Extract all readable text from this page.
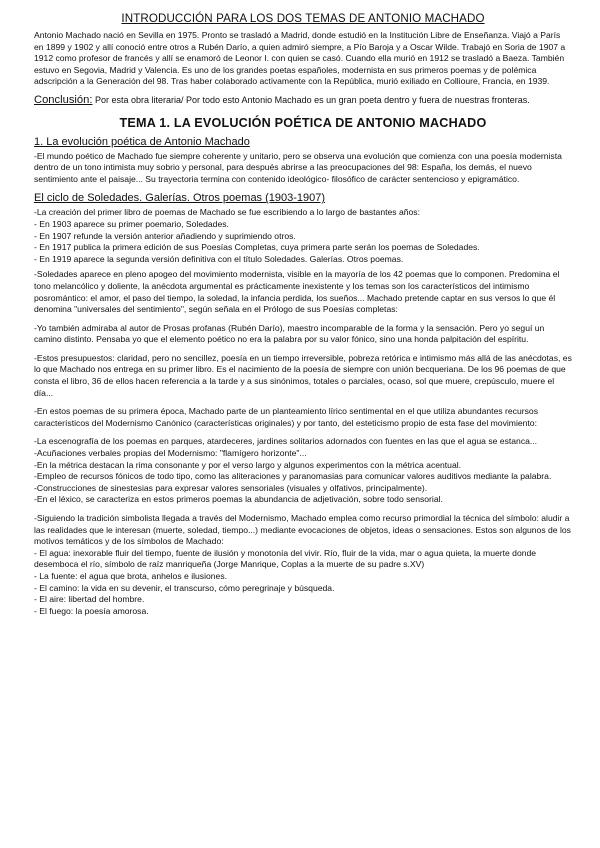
INTRODUCCIÓN PARA LOS DOS TEMAS DE ANTONIO MACHADO

Antonio Machado nació en Sevilla en 1975. Pronto se trasladó a Madrid, donde estudió en la Institución Libre de Enseñanza. Viajó a París en 1899 y 1902 y allí conoció entre otros a Rubén Darío, a quien admiró siempre, a Pío Baroja y a Oscar Wilde. Trabajó en Soria de 1907 a 1912 como profesor de francés y allí se enamoró de Leonor I. con quien se casó. Cuando ella murió en 1912 se trasladó a Baeza. También estuvo en Segovia, Madrid y Valencia. Es uno de los grandes poetas españoles, modernista en sus primeros poemas y de polémica adscripción a la Generación del 98. Tras haber colaborado activamente con la República, murió exiliado en Collioure, Francia, en 1939.

Conclusión: Por esta obra literaria/ Por todo esto Antonio Machado es un gran poeta dentro y fuera de nuestras fronteras.

TEMA 1. LA EVOLUCIÓN POÉTICA DE ANTONIO MACHADO
1. La evolución poética de Antonio Machado

-El mundo poético de Machado fue siempre coherente y unitario, pero se observa una evolución que comienza con una poesía modernista dentro de un tono intimista muy sobrio y personal, para después abrirse a las preocupaciones del 98: España, los demás, el nuevo sentimiento ante el paisaje... Su trayectoria termina con contenido ideológico- filosófico de carácter sentencioso y epigramático.

El ciclo de Soledades. Galerías. Otros poemas (1903-1907)

-La creación del primer libro de poemas de Machado se fue escribiendo a lo largo de bastantes años:

- En 1903 aparece su primer poemario, Soledades.

- En 1907 refunde la versión anterior añadiendo y suprimiendo otros.

- En 1917 publica la primera edición de sus Poesías Completas, cuya primera parte serán los poemas de Soledades.

- En 1919 aparece la segunda versión definitiva con el título Soledades. Galerías. Otros poemas.

-Soledades aparece en pleno apogeo del movimiento modernista, visible en la mayoría de los 42 poemas que lo componen. Predomina el tono melancólico y doliente, la anécdota argumental es prácticamente inexistente y los temas son los característicos del intimismo posromántico: el amor, el paso del tiempo, la soledad, la infancia perdida, los sueños... Machado pretende captar en sus versos lo que él denomina "universales del sentimiento", según señala en el Prólogo de sus Poesías completas:

-Yo también admiraba al autor de Prosas profanas (Rubén Darío), maestro incomparable de la forma y la sensación. Pero yo seguí un camino distinto. Pensaba yo que el elemento poético no era la palabra por su valor fónico, sino una honda palpitación del espíritu.

-Estos presupuestos: claridad, pero no sencillez, poesía en un tiempo irreversible, pobreza retórica e intimismo más allá de las anécdotas, es lo que Machado nos entrega en su primer libro. Es el nacimiento de la poesía de siempre con unión becqueriana. De los 96 poemas de que consta el libro, 36 de ellos hacen referencia a la tarde y a sus sinónimos, totales o parciales, ocaso, sol que muere, crepúsculo, muere el día...

-En estos poemas de su primera época, Machado parte de un planteamiento lírico sentimental en el que utiliza abundantes recursos característicos del Modernismo Canónico (características originales) y por tanto, del esteticismo propio de esta fase del movimiento:

-La escenografía de los poemas en parques, atardeceres, jardines solitarios adornados con fuentes en las que el agua se estanca...

-Acuñaciones verbales propias del Modernismo: "flamígero horizonte"...

-En la métrica destacan la rima consonante y por el verso largo y algunos experimentos con la métrica acentual.

-Empleo de recursos fónicos de todo tipo, como las aliteraciones y paranomasias para comunicar valores auditivos mediante la palabra.

-Construcciones de sinestesias para expresar valores sensoriales (visuales y olfativos, principalmente).

-En el léxico, se caracteriza en estos primeros poemas la abundancia de adjetivación, sobre todo sensorial.

-Siguiendo la tradición simbolista llegada a través del Modernismo, Machado emplea como recurso primordial la técnica del símbolo: aludir a las realidades que le interesan (muerte, soledad, tiempo...) mediante evocaciones de objetos, ideas o sensaciones. Estos son algunos de los motivos temáticos y de los símbolos de Machado:

- El agua: inexorable fluir del tiempo, fuente de ilusión y monotonía del vivir. Río, fluir de la vida, mar o agua quieta, la muerte donde desemboca el río, símbolo de raíz manriqueña (Jorge Manrique, Coplas a la muerte de su padre s.XV)

- La fuente: el agua que brota, anhelos e ilusiones.

- El camino: la vida en su devenir, el transcurso, cómo peregrinaje y búsqueda.

- El aire: libertad del hombre.

- El fuego: la poesía amorosa.
